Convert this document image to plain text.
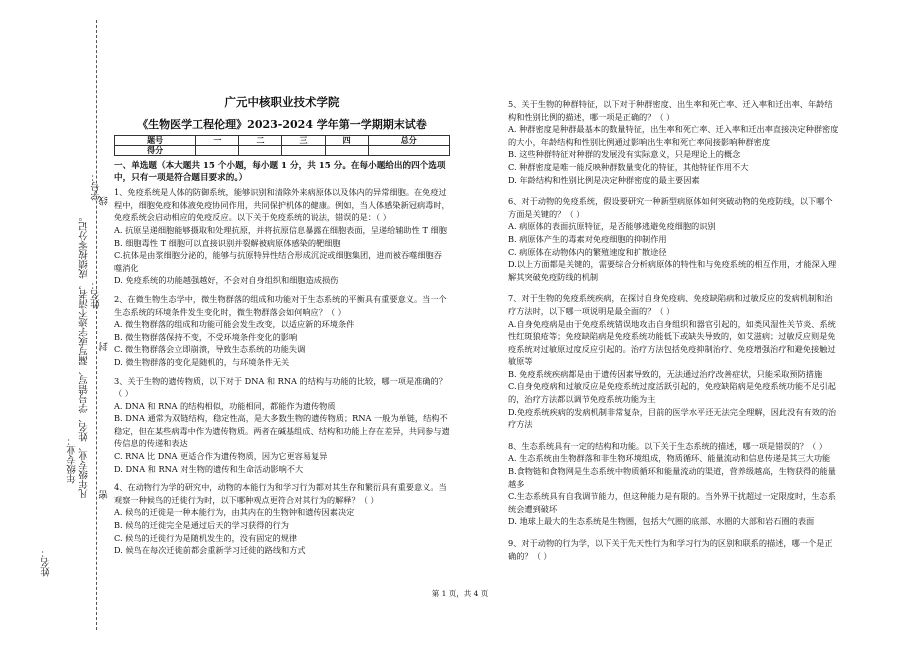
学号：
姓名：
成绩按零分记。
线
凡年级专业、姓名、学号错写、漏写或字迹不清者， 封
年级专业：
密
姓名：
广元中核职业技术学院
《生物医学工程伦理》2023-2024 学年第一学期期末试卷
题号	一	二	三	四	总分
得分					
一、单选题（本大题共 15 个小题，每小题 1 分，共 15 分。在每小题给出的四个选项中，只有一项是符合题目要求的。）
1、免疫系统是人体的防御系统，能够识别和清除外来病原体以及体内的异常细胞。在免疫过程中，细胞免疫和体液免疫协同作用，共同保护机体的健康。例如，当人体感染新冠病毒时，免疫系统会启动相应的免疫反应。以下关于免疫系统的说法，错误的是：（ ）
A. 抗原呈递细胞能够摄取和处理抗原，并将抗原信息暴露在细胞表面，呈递给辅助性 T 细胞
B. 细胞毒性 T 细胞可以直接识别并裂解被病原体感染的靶细胞
C.抗体是由浆细胞分泌的，能够与抗原特异性结合形成沉淀或细胞集团，进而被吞噬细胞吞噬消化
D. 免疫系统的功能越强越好，不会对自身组织和细胞造成损伤
2、在微生物生态学中，微生物群落的组成和功能对于生态系统的平衡具有重要意义。当一个生态系统的环境条件发生变化时，微生物群落会如何响应？（ ）
A. 微生物群落的组成和功能可能会发生改变，以适应新的环境条件
B. 微生物群落保持不变，不受环境条件变化的影响
C. 微生物群落会立即崩溃，导致生态系统的功能失调
D. 微生物群落的变化是随机的，与环境条件无关
3、关于生物的遗传物质，以下对于 DNA 和 RNA 的结构与功能的比较，哪一项是准确的？（ ）
A. DNA 和 RNA 的结构相似，功能相同，都能作为遗传物质
B. DNA 通常为双链结构，稳定性高，是大多数生物的遗传物质；RNA 一般为单链，结构不稳定，但在某些病毒中作为遗传物质。两者在碱基组成、结构和功能上存在差异，共同参与遗传信息的传递和表达
C. RNA 比 DNA 更适合作为遗传物质，因为它更容易复异
D. DNA 和 RNA 对生物的遗传和生命活动影响不大
4、在动物行为学的研究中，动物的本能行为和学习行为都对其生存和繁衍具有重要意义。当观察一种候鸟的迁徙行为时，以下哪种观点更符合对其行为的解释？（ ）
A. 候鸟的迁徙是一种本能行为，由其内在的生物钟和遗传因素决定
B. 候鸟的迁徙完全是通过后天的学习获得的行为
C. 候鸟的迁徙行为是随机发生的，没有固定的规律
D. 候鸟在每次迁徙前都会重新学习迁徙的路线和方式
5、关于生物的种群特征，以下对于种群密度、出生率和死亡率、迁入率和迁出率、年龄结构和性别比例的描述，哪一项是正确的？（ ）
A. 种群密度是种群最基本的数量特征，出生率和死亡率、迁入率和迁出率直接决定种群密度的大小，年龄结构和性别比例通过影响出生率和死亡率间接影响种群密度
B. 这些种群特征对种群的发展没有实际意义，只是理论上的概念
C. 种群密度是唯一能反映种群数量变化的特征，其他特征作用不大
D. 年龄结构和性别比例是决定种群密度的最主要因素
6、对于动物的免疫系统，假设要研究一种新型病原体如何突破动物的免疫防线，以下哪个方面是关键的？（ ）
A. 病原体的表面抗原特征，是否能够逃避免疫细胞的识别
B. 病原体产生的毒素对免疫细胞的抑制作用
C. 病原体在动物体内的繁殖速度和扩散途径
D.以上方面都是关键的，需要综合分析病原体的特性和与免疫系统的相互作用，才能深入理解其突破免疫防线的机制
7、对于生物的免疫系统疾病，在探讨自身免疫病、免疫缺陷病和过敏反应的发病机制和治疗方法时，以下哪一项说明是最全面的？（ ）
A.自身免疫病是由于免疫系统错误地攻击自身组织和器官引起的，如类风湿性关节炎、系统性红斑狼疮等；免疫缺陷病是免疫系统功能低下或缺失导致的，如艾滋病；过敏反应则是免疫系统对过敏原过度反应引起的。治疗方法包括免疫抑制治疗、免疫增强治疗和避免接触过敏原等
B. 免疫系统疾病都是由于遗传因素导致的，无法通过治疗改善症状，只能采取预防措施
C.自身免疫病和过敏反应是免疫系统过度活跃引起的，免疫缺陷病是免疫系统功能不足引起的，治疗方法都以调节免疫系统功能为主
D.免疫系统疾病的发病机制非常复杂，目前的医学水平还无法完全理解，因此没有有效的治疗方法
8、生态系统具有一定的结构和功能。以下关于生态系统的描述，哪一项是错误的？（ ）
A. 生态系统由生物群落和非生物环境组成，物质循环、能量流动和信息传递是其三大功能
B.食物链和食物网是生态系统中物质循环和能量流动的渠道，营养级越高，生物获得的能量越多
C.生态系统具有自我调节能力，但这种能力是有限的。当外界干扰超过一定限度时，生态系统会遭到破坏
D. 地球上最大的生态系统是生物圈，包括大气圈的底部、水圈的大部和岩石圈的表面
9、对于动物的行为学，以下关于先天性行为和学习行为的区别和联系的描述，哪一个是正确的？（ ）
第 1 页，共 4 页
